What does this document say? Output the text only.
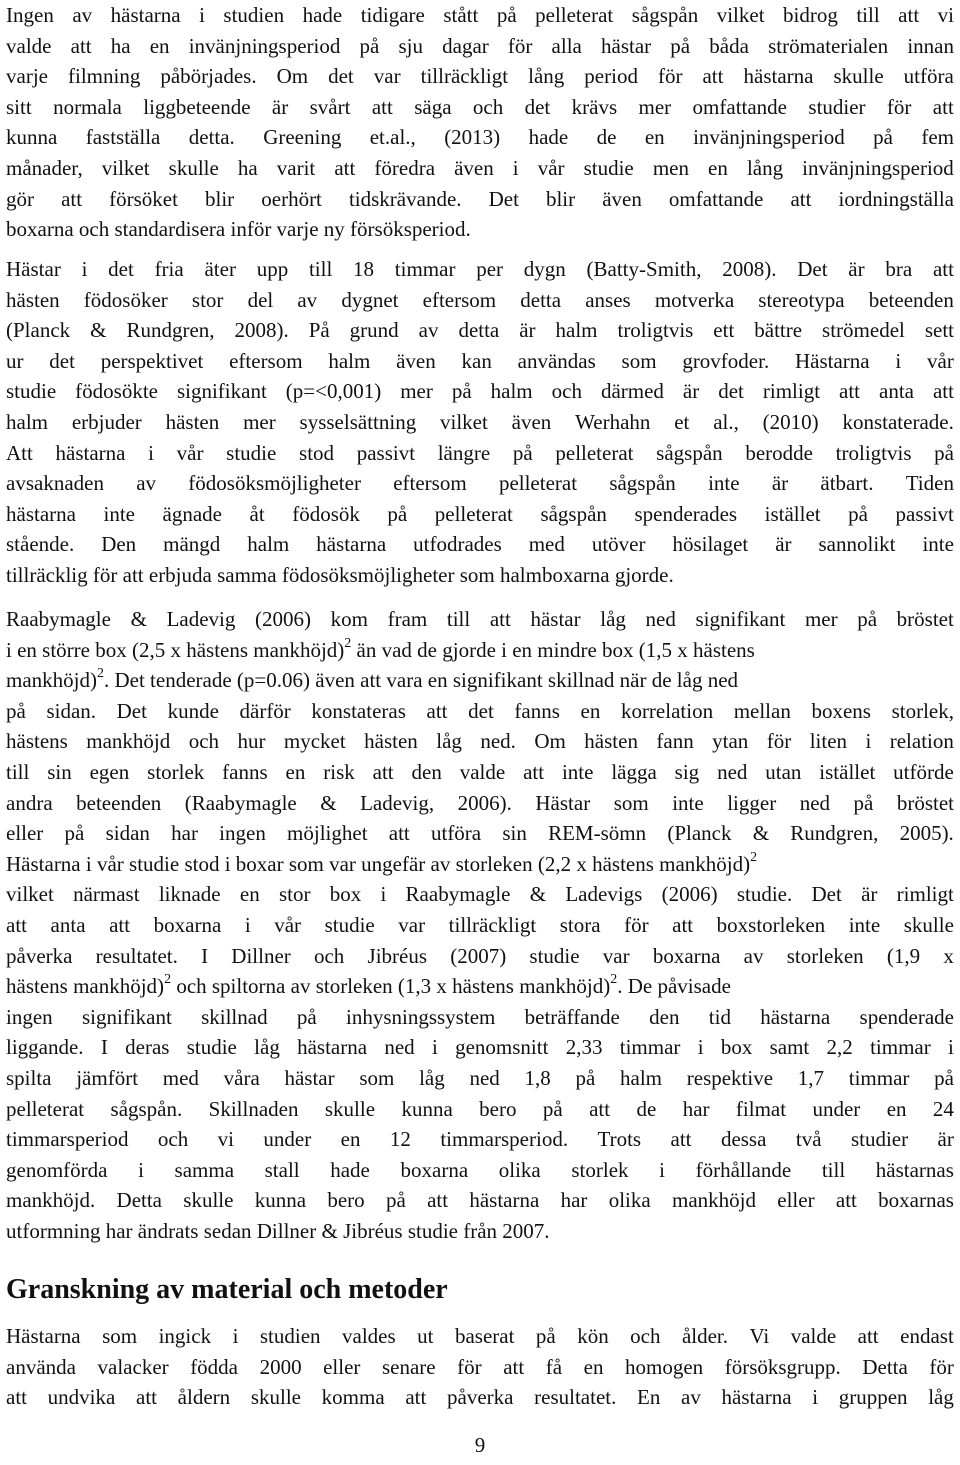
Ingen av hästarna i studien hade tidigare stått på pelleterat sågspån vilket bidrog till att vi
valde att ha en invänjningsperiod på sju dagar för alla hästar på båda strömaterialen innan
varje filmning påbörjades. Om det var tillräckligt lång period för att hästarna skulle utföra
sitt normala liggbeteende är svårt att säga och det krävs mer omfattande studier för att
kunna fastställa detta. Greening et.al., (2013) hade de en invänjningsperiod på fem
månader, vilket skulle ha varit att föredra även i vår studie men en lång invänjningsperiod
gör att försöket blir oerhört tidskrävande. Det blir även omfattande att iordningställa
boxarna och standardisera inför varje ny försöksperiod.

Hästar i det fria äter upp till 18 timmar per dygn (Batty-Smith, 2008). Det är bra att
hästen födosöker stor del av dygnet eftersom detta anses motverka stereotypa beteenden
(Planck & Rundgren, 2008). På grund av detta är halm troligtvis ett bättre strömedel sett
ur det perspektivet eftersom halm även kan användas som grovfoder. Hästarna i vår
studie födosökte signifikant (p=<0,001) mer på halm och därmed är det rimligt att anta att
halm erbjuder hästen mer sysselsättning vilket även Werhahn et al., (2010) konstaterade.
Att hästarna i vår studie stod passivt längre på pelleterat sågspån berodde troligtvis på
avsaknaden av födosöksmöjligheter eftersom pelleterat sågspån inte är ätbart. Tiden
hästarna inte ägnade åt födosök på pelleterat sågspån spenderades istället på passivt
stående. Den mängd halm hästarna utfodrades med utöver hösilaget är sannolikt inte
tillräcklig för att erbjuda samma födosöksmöjligheter som halmboxarna gjorde.

Raabymagle & Ladevig (2006) kom fram till att hästar låg ned signifikant mer på bröstet
i en större box (2,5 x hästens mankhöjd)$^2$ än vad de gjorde i en mindre box (1,5 x hästens
mankhöjd)$^2$. Det tenderade (p=0.06) även att vara en signifikant skillnad när de låg ned
på sidan. Det kunde därför konstateras att det fanns en korrelation mellan boxens storlek,
hästens mankhöjd och hur mycket hästen låg ned. Om hästen fann ytan för liten i relation
till sin egen storlek fanns en risk att den valde att inte lägga sig ned utan istället utförde
andra beteenden (Raabymagle & Ladevig, 2006). Hästar som inte ligger ned på bröstet
eller på sidan har ingen möjlighet att utföra sin REM-sömn (Planck & Rundgren, 2005).
Hästarna i vår studie stod i boxar som var ungefär av storleken (2,2 x hästens mankhöjd)$^2$
vilket närmast liknade en stor box i Raabymagle & Ladevigs (2006) studie. Det är rimligt
att anta att boxarna i vår studie var tillräckligt stora för att boxstorleken inte skulle
påverka resultatet. I Dillner och Jibréus (2007) studie var boxarna av storleken (1,9 x
hästens mankhöjd)$^2$ och spiltorna av storleken (1,3 x hästens mankhöjd)$^2$. De påvisade
ingen signifikant skillnad på inhysningssystem beträffande den tid hästarna spenderade
liggande. I deras studie låg hästarna ned i genomsnitt 2,33 timmar i box samt 2,2 timmar i
spilta jämfört med våra hästar som låg ned 1,8 på halm respektive 1,7 timmar på
pelleterat sågspån. Skillnaden skulle kunna bero på att de har filmat under en 24
timmarsperiod och vi under en 12 timmarsperiod. Trots att dessa två studier är
genomförda i samma stall hade boxarna olika storlek i förhållande till hästarnas
mankhöjd. Detta skulle kunna bero på att hästarna har olika mankhöjd eller att boxarnas
utformning har ändrats sedan Dillner & Jibréus studie från 2007.

Granskning av material och metoder

Hästarna som ingick i studien valdes ut baserat på kön och ålder. Vi valde att endast
använda valacker födda 2000 eller senare för att få en homogen försöksgrupp. Detta för
att undvika att åldern skulle komma att påverka resultatet. En av hästarna i gruppen låg

9
